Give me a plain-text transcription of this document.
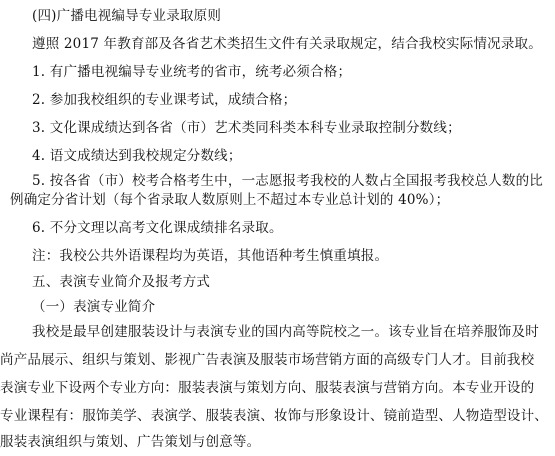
(四)广播电视编导专业录取原则
遵照 2017 年教育部及各省艺术类招生文件有关录取规定，结合我校实际情况录取。
1. 有广播电视编导专业统考的省市，统考必须合格；
2. 参加我校组织的专业课考试，成绩合格；
3. 文化课成绩达到各省（市）艺术类同科类本科专业录取控制分数线；
4. 语文成绩达到我校规定分数线；
5. 按各省（市）校考合格考生中，一志愿报考我校的人数占全国报考我校总人数的比
例确定分省计划（每个省录取人数原则上不超过本专业总计划的 40%）；
6. 不分文理以高考文化课成绩排名录取。
注：我校公共外语课程均为英语，其他语种考生慎重填报。
五、表演专业简介及报考方式
（一）表演专业简介
我校是最早创建服装设计与表演专业的国内高等院校之一。该专业旨在培养服饰及时
尚产品展示、组织与策划、影视广告表演及服装市场营销方面的高级专门人才。目前我校
表演专业下设两个专业方向：服装表演与策划方向、服装表演与营销方向。本专业开设的
专业课程有：服饰美学、表演学、服装表演、妆饰与形象设计、镜前造型、人物造型设计、
服装表演组织与策划、广告策划与创意等。
